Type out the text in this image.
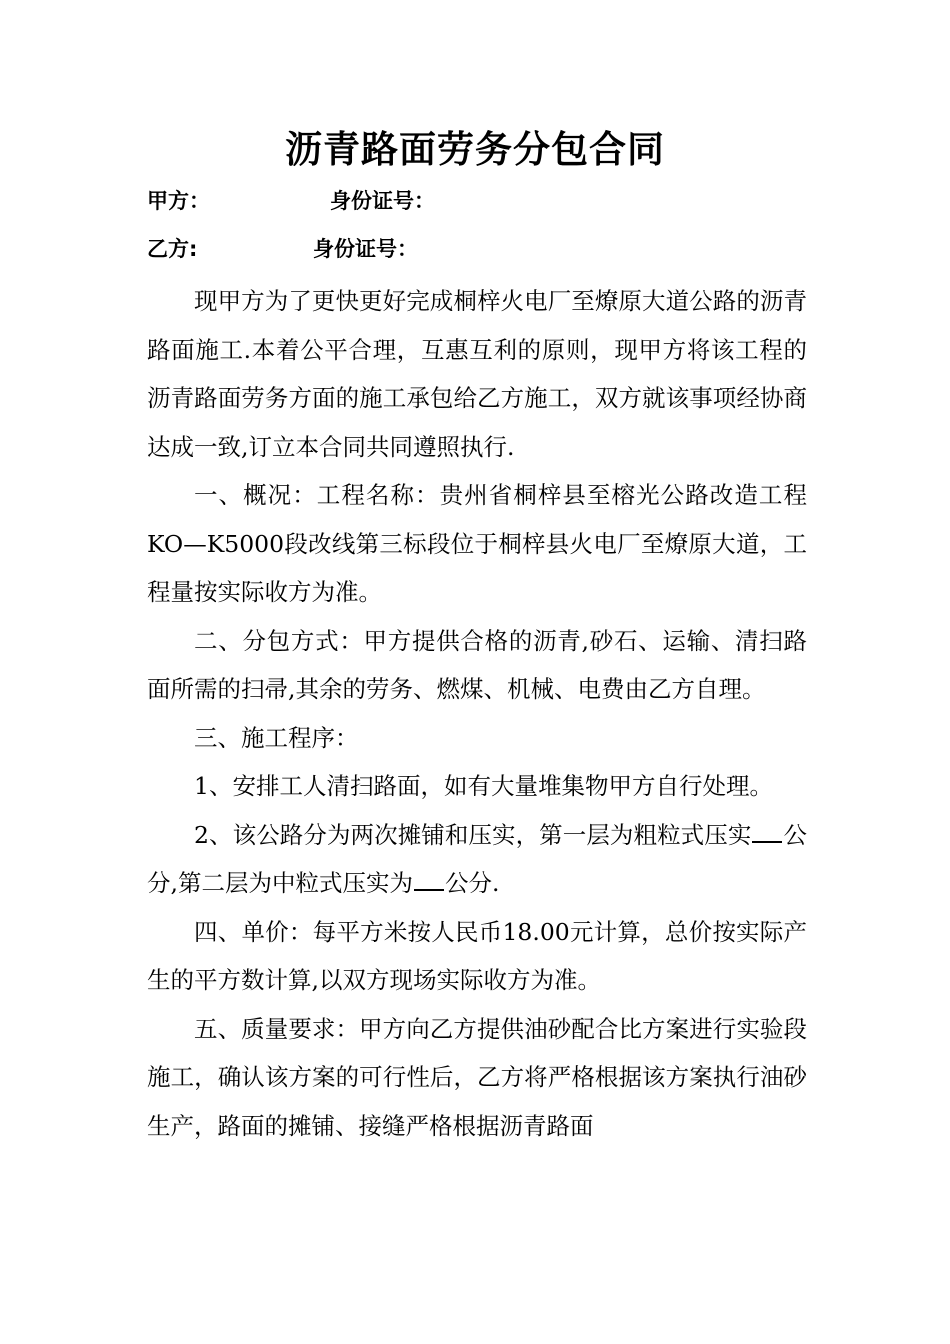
沥青路面劳务分包合同
甲方：	身份证号：
乙方:	身份证号：

现甲方为了更快更好完成桐梓火电厂至燎原大道公路的沥青路面施工.本着公平合理，互惠互利的原则，现甲方将该工程的沥青路面劳务方面的施工承包给乙方施工，双方就该事项经协商达成一致,订立本合同共同遵照执行.

一、概况：工程名称：贵州省桐梓县至榕光公路改造工程KO—K5000段改线第三标段位于桐梓县火电厂至燎原大道，工程量按实际收方为准。

二、分包方式：甲方提供合格的沥青,砂石、运输、清扫路面所需的扫帚,其余的劳务、燃煤、机械、电费由乙方自理。

三、施工程序：

1、安排工人清扫路面，如有大量堆集物甲方自行处理。

2、该公路分为两次摊铺和压实，第一层为粗粒式压实 公分,第二层为中粒式压实为 公分.

四、单价：每平方米按人民币18.00元计算，总价按实际产生的平方数计算,以双方现场实际收方为准。

五、质量要求：甲方向乙方提供油砂配合比方案进行实验段施工，确认该方案的可行性后，乙方将严格根据该方案执行油砂生产，路面的摊铺、接缝严格根据沥青路面
